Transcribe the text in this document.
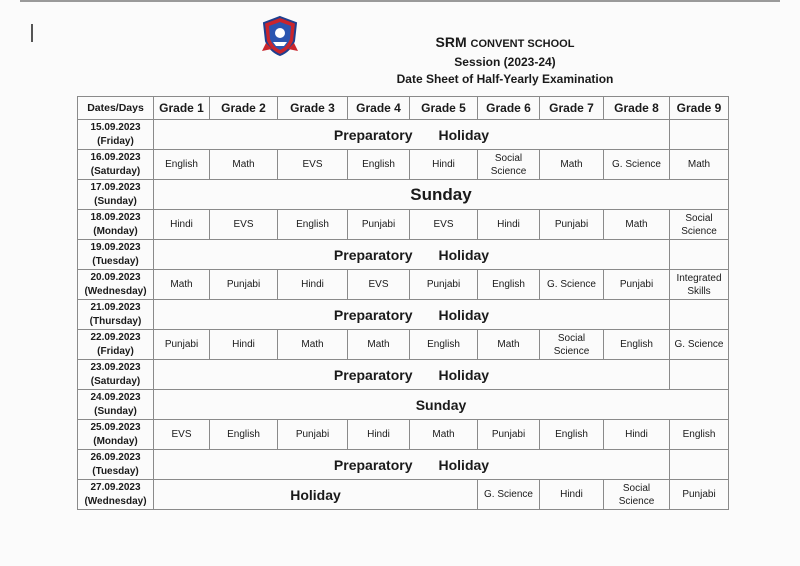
SRM CONVENT SCHOOL
Session (2023-24)
Date Sheet of Half-Yearly Examination
Dates/Days	Grade 1	Grade 2	Grade 3	Grade 4	Grade 5	Grade 6	Grade 7	Grade 8	Grade 9

15.09.2023
(Friday)	Preparatory Holiday								

16.09.2023
(Saturday)	English	Math	EVS	English	Hindi	Social Science	Math	G. Science	Math

17.09.2023
(Sunday)	Sunday								

18.09.2023
(Monday)	Hindi	EVS	English	Punjabi	EVS	Hindi	Punjabi	Math	Social Science

19.09.2023
(Tuesday)	Preparatory Holiday								

20.09.2023
(Wednesday)	Math	Punjabi	Hindi	EVS	Punjabi	English	G. Science	Punjabi	Integrated Skills

21.09.2023
(Thursday)	Preparatory Holiday								

22.09.2023
(Friday)	Punjabi	Hindi	Math	Math	English	Math	Social Science	English	G. Science

23.09.2023
(Saturday)	Preparatory Holiday								

24.09.2023
(Sunday)	Sunday								

25.09.2023
(Monday)	EVS	English	Punjabi	Hindi	Math	Punjabi	English	Hindi	English

26.09.2023
(Tuesday)	Preparatory Holiday								

27.09.2023
(Wednesday)	Holiday					G. Science	Hindi	Social Science	Punjabi
